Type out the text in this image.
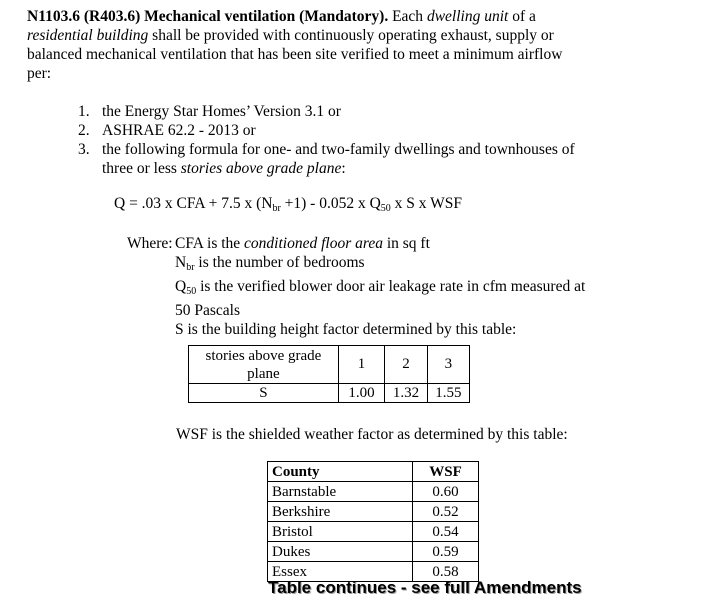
N1103.6 (R403.6) Mechanical ventilation (Mandatory). Each dwelling unit of a
residential building shall be provided with continuously operating exhaust, supply or
balanced mechanical ventilation that has been site verified to meet a minimum airflow
per:
1. the Energy Star Homes’ Version 3.1 or
2. ASHRAE 62.2 - 2013 or
3. the following formula for one- and two-family dwellings and townhouses of
three or less stories above grade plane:
Q = .03 x CFA + 7.5 x $(N_{br} +1) - 0.052$ x $Q_{50}$ x S x WSF
Where: CFA is the conditioned floor area in sq ft
$N_{br}$ is the number of bedrooms
$Q_{50}$ is the verified blower door air leakage rate in cfm measured at
50 Pascals
S is the building height factor determined by this table:
stories above grade plane	1	2	3
S	1.00	1.32	1.55
WSF is the shielded weather factor as determined by this table:
County	WSF
Barnstable	0.60
Berkshire	0.52
Bristol	0.54
Dukes	0.59
Essex	0.58
Table continues - see full Amendments
